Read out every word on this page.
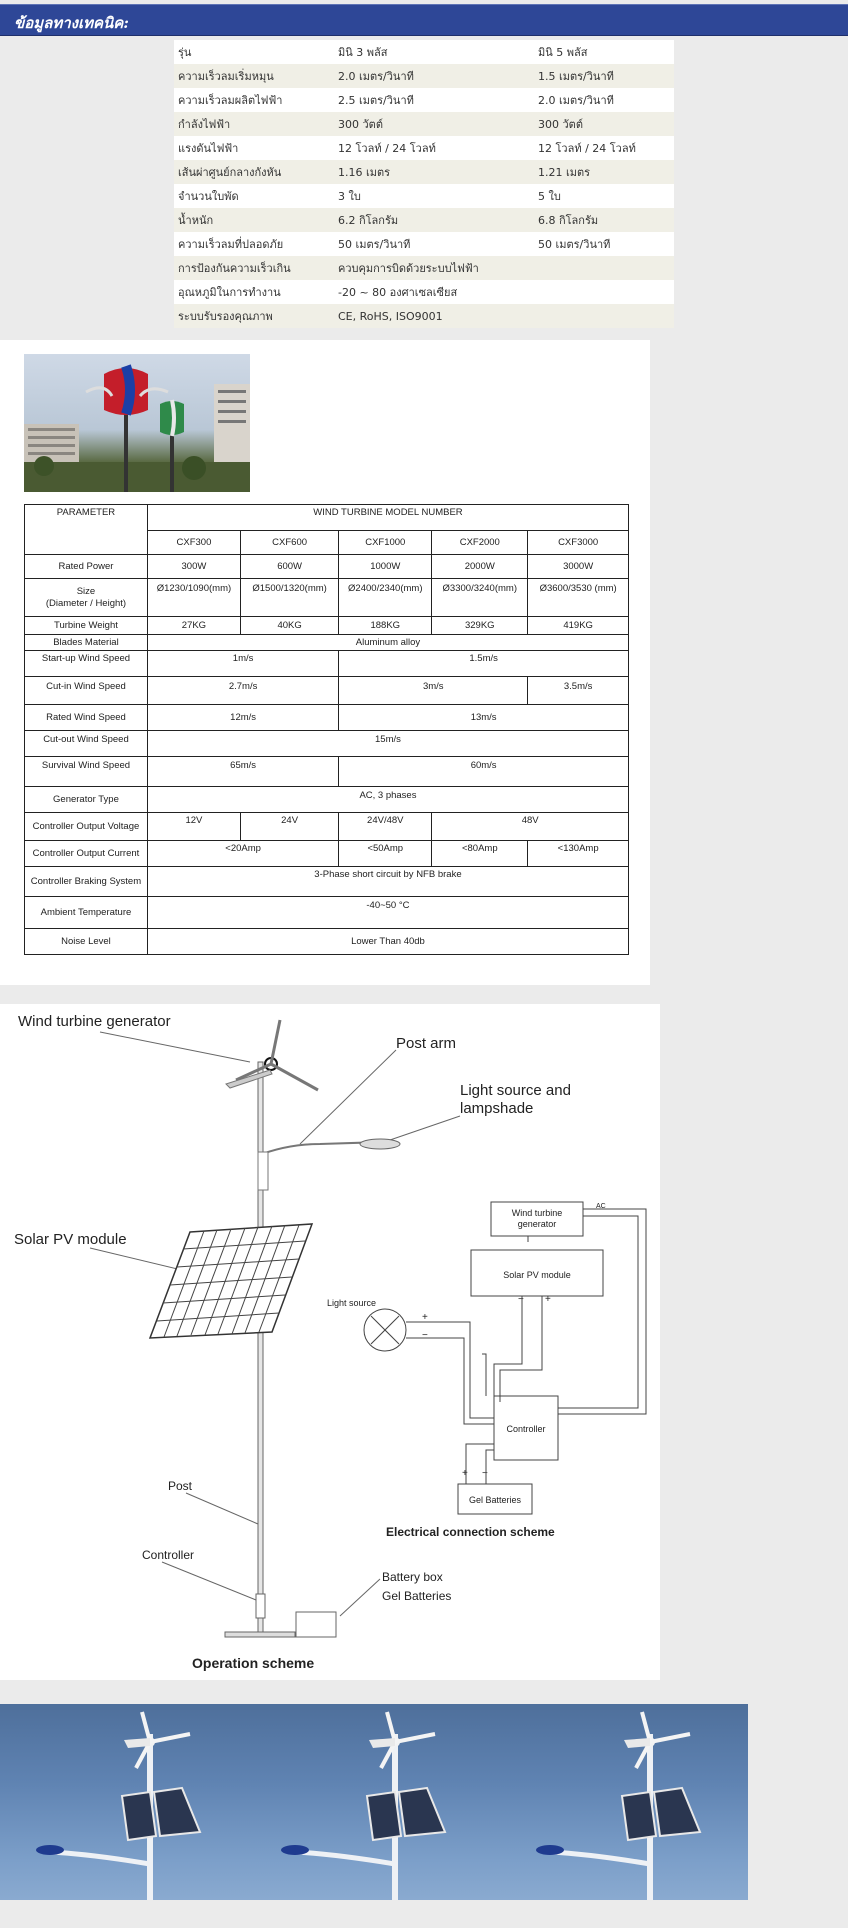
ข้อมูลทางเทคนิค:
รุ่น	มินิ 3 พลัส	มินิ 5 พลัส
ความเร็วลมเริ่มหมุน	2.0 เมตร/วินาที	1.5 เมตร/วินาที
ความเร็วลมผลิตไฟฟ้า	2.5 เมตร/วินาที	2.0 เมตร/วินาที
กำลังไฟฟ้า	300 วัตต์	300 วัตต์
แรงดันไฟฟ้า	12 โวลท์ / 24 โวลท์	12 โวลท์ / 24 โวลท์
เส้นผ่าศูนย์กลางกังหัน	1.16 เมตร	1.21 เมตร
จำนวนใบพัด	3 ใบ	5 ใบ
น้ำหนัก	6.2 กิโลกรัม	6.8 กิโลกรัม
ความเร็วลมที่ปลอดภัย	50 เมตร/วินาที	50 เมตร/วินาที
การป้องกันความเร็วเกิน	ควบคุมการบิดด้วยระบบไฟฟ้า	
อุณหภูมิในการทำงาน	-20 ~ 80 องศาเซลเซียส	
ระบบรับรองคุณภาพ	CE, RoHS, ISO9001	
PARAMETER	WIND TURBINE MODEL NUMBER				
	CXF300	CXF600	CXF1000	CXF2000	CXF3000
Rated Power	300W	600W	1000W	2000W	3000W
Size
(Diameter / Height)	Ø1230/1090(mm)	Ø1500/1320(mm)	Ø2400/2340(mm)	Ø3300/3240(mm)	Ø3600/3530 (mm)
Turbine Weight	27KG	40KG	188KG	329KG	419KG
Blades Material	Aluminum alloy				
Start-up Wind Speed	1m/s		1.5m/s		
Cut-in Wind Speed	2.7m/s		3m/s		3.5m/s
Rated Wind Speed	12m/s		13m/s		
Cut-out Wind Speed	15m/s				
Survival Wind Speed	65m/s		60m/s		
Generator Type	AC, 3 phases				
Controller Output Voltage	12V	24V	24V/48V	48V	
Controller Output Current	<20Amp		<50Amp	<80Amp	<130Amp
Controller Braking System	3-Phase short circuit by NFB brake				
Ambient Temperature	-40~50 °C				
Noise Level	Lower Than 40db				
Wind turbine generator
Post arm
Light source and
lampshade
Solar PV module
Post
Controller
Battery box
Gel Batteries
Operation scheme
Electrical connection scheme
Wind turbine
generator
AC
Solar PV module
Light source
+
−
Controller
Gel Batteries
+ −
− +
